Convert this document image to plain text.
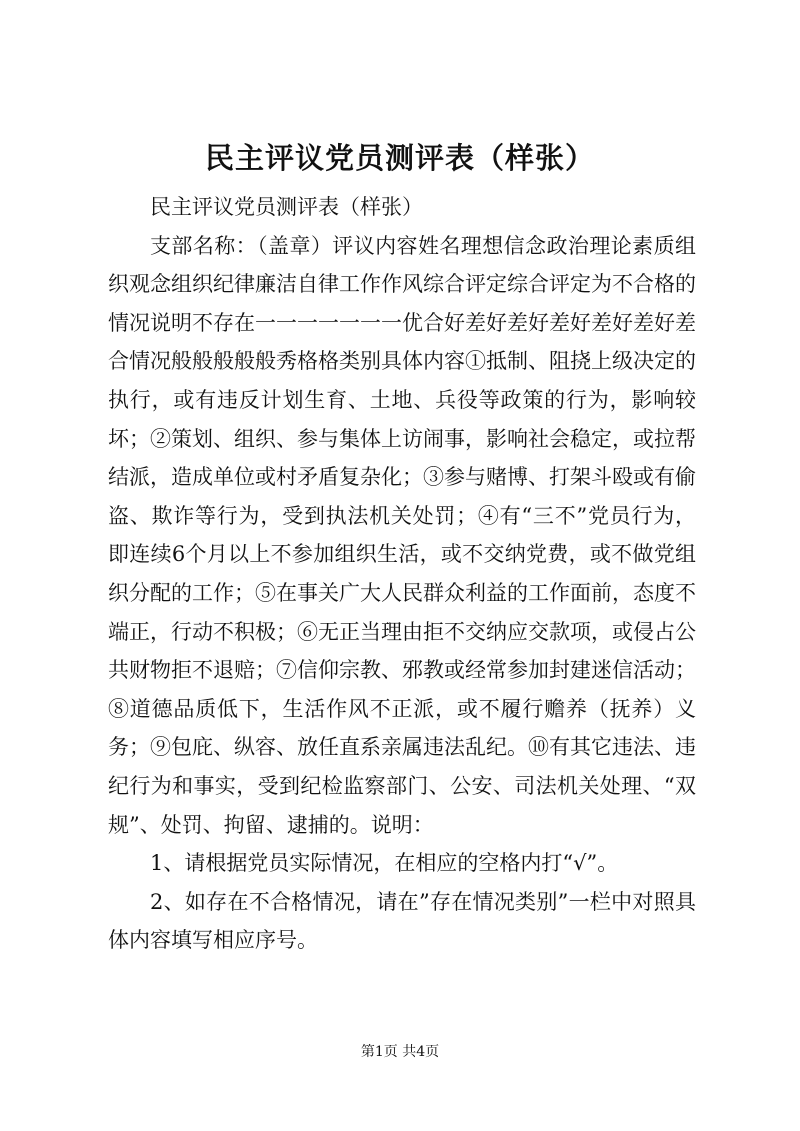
民主评议党员测评表（样张）

民主评议党员测评表（样张）

支部名称：（盖章）评议内容姓名理想信念政治理论素质组织观念组织纪律廉洁自律工作作风综合评定综合评定为不合格的情况说明不存在一一一一一一一优合好差好差好差好差好差好差合情况般般般般般秀格格类别具体内容①抵制、阻挠上级决定的执行，或有违反计划生育、土地、兵役等政策的行为，影响较坏；②策划、组织、参与集体上访闹事，影响社会稳定，或拉帮结派，造成单位或村矛盾复杂化；③参与赌博、打架斗殴或有偷盗、欺诈等行为，受到执法机关处罚；④有“三不”党员行为，即连续6个月以上不参加组织生活，或不交纳党费，或不做党组织分配的工作；⑤在事关广大人民群众利益的工作面前，态度不端正，行动不积极；⑥无正当理由拒不交纳应交款项，或侵占公共财物拒不退赔；⑦信仰宗教、邪教或经常参加封建迷信活动；⑧道德品质低下，生活作风不正派，或不履行赡养（抚养）义务；⑨包庇、纵容、放任直系亲属违法乱纪。⑩有其它违法、违纪行为和事实，受到纪检监察部门、公安、司法机关处理、“双规”、处罚、拘留、逮捕的。说明：

1、请根据党员实际情况，在相应的空格内打“√”。

2、如存在不合格情况，请在”存在情况类别”一栏中对照具体内容填写相应序号。

第1页 共4页
